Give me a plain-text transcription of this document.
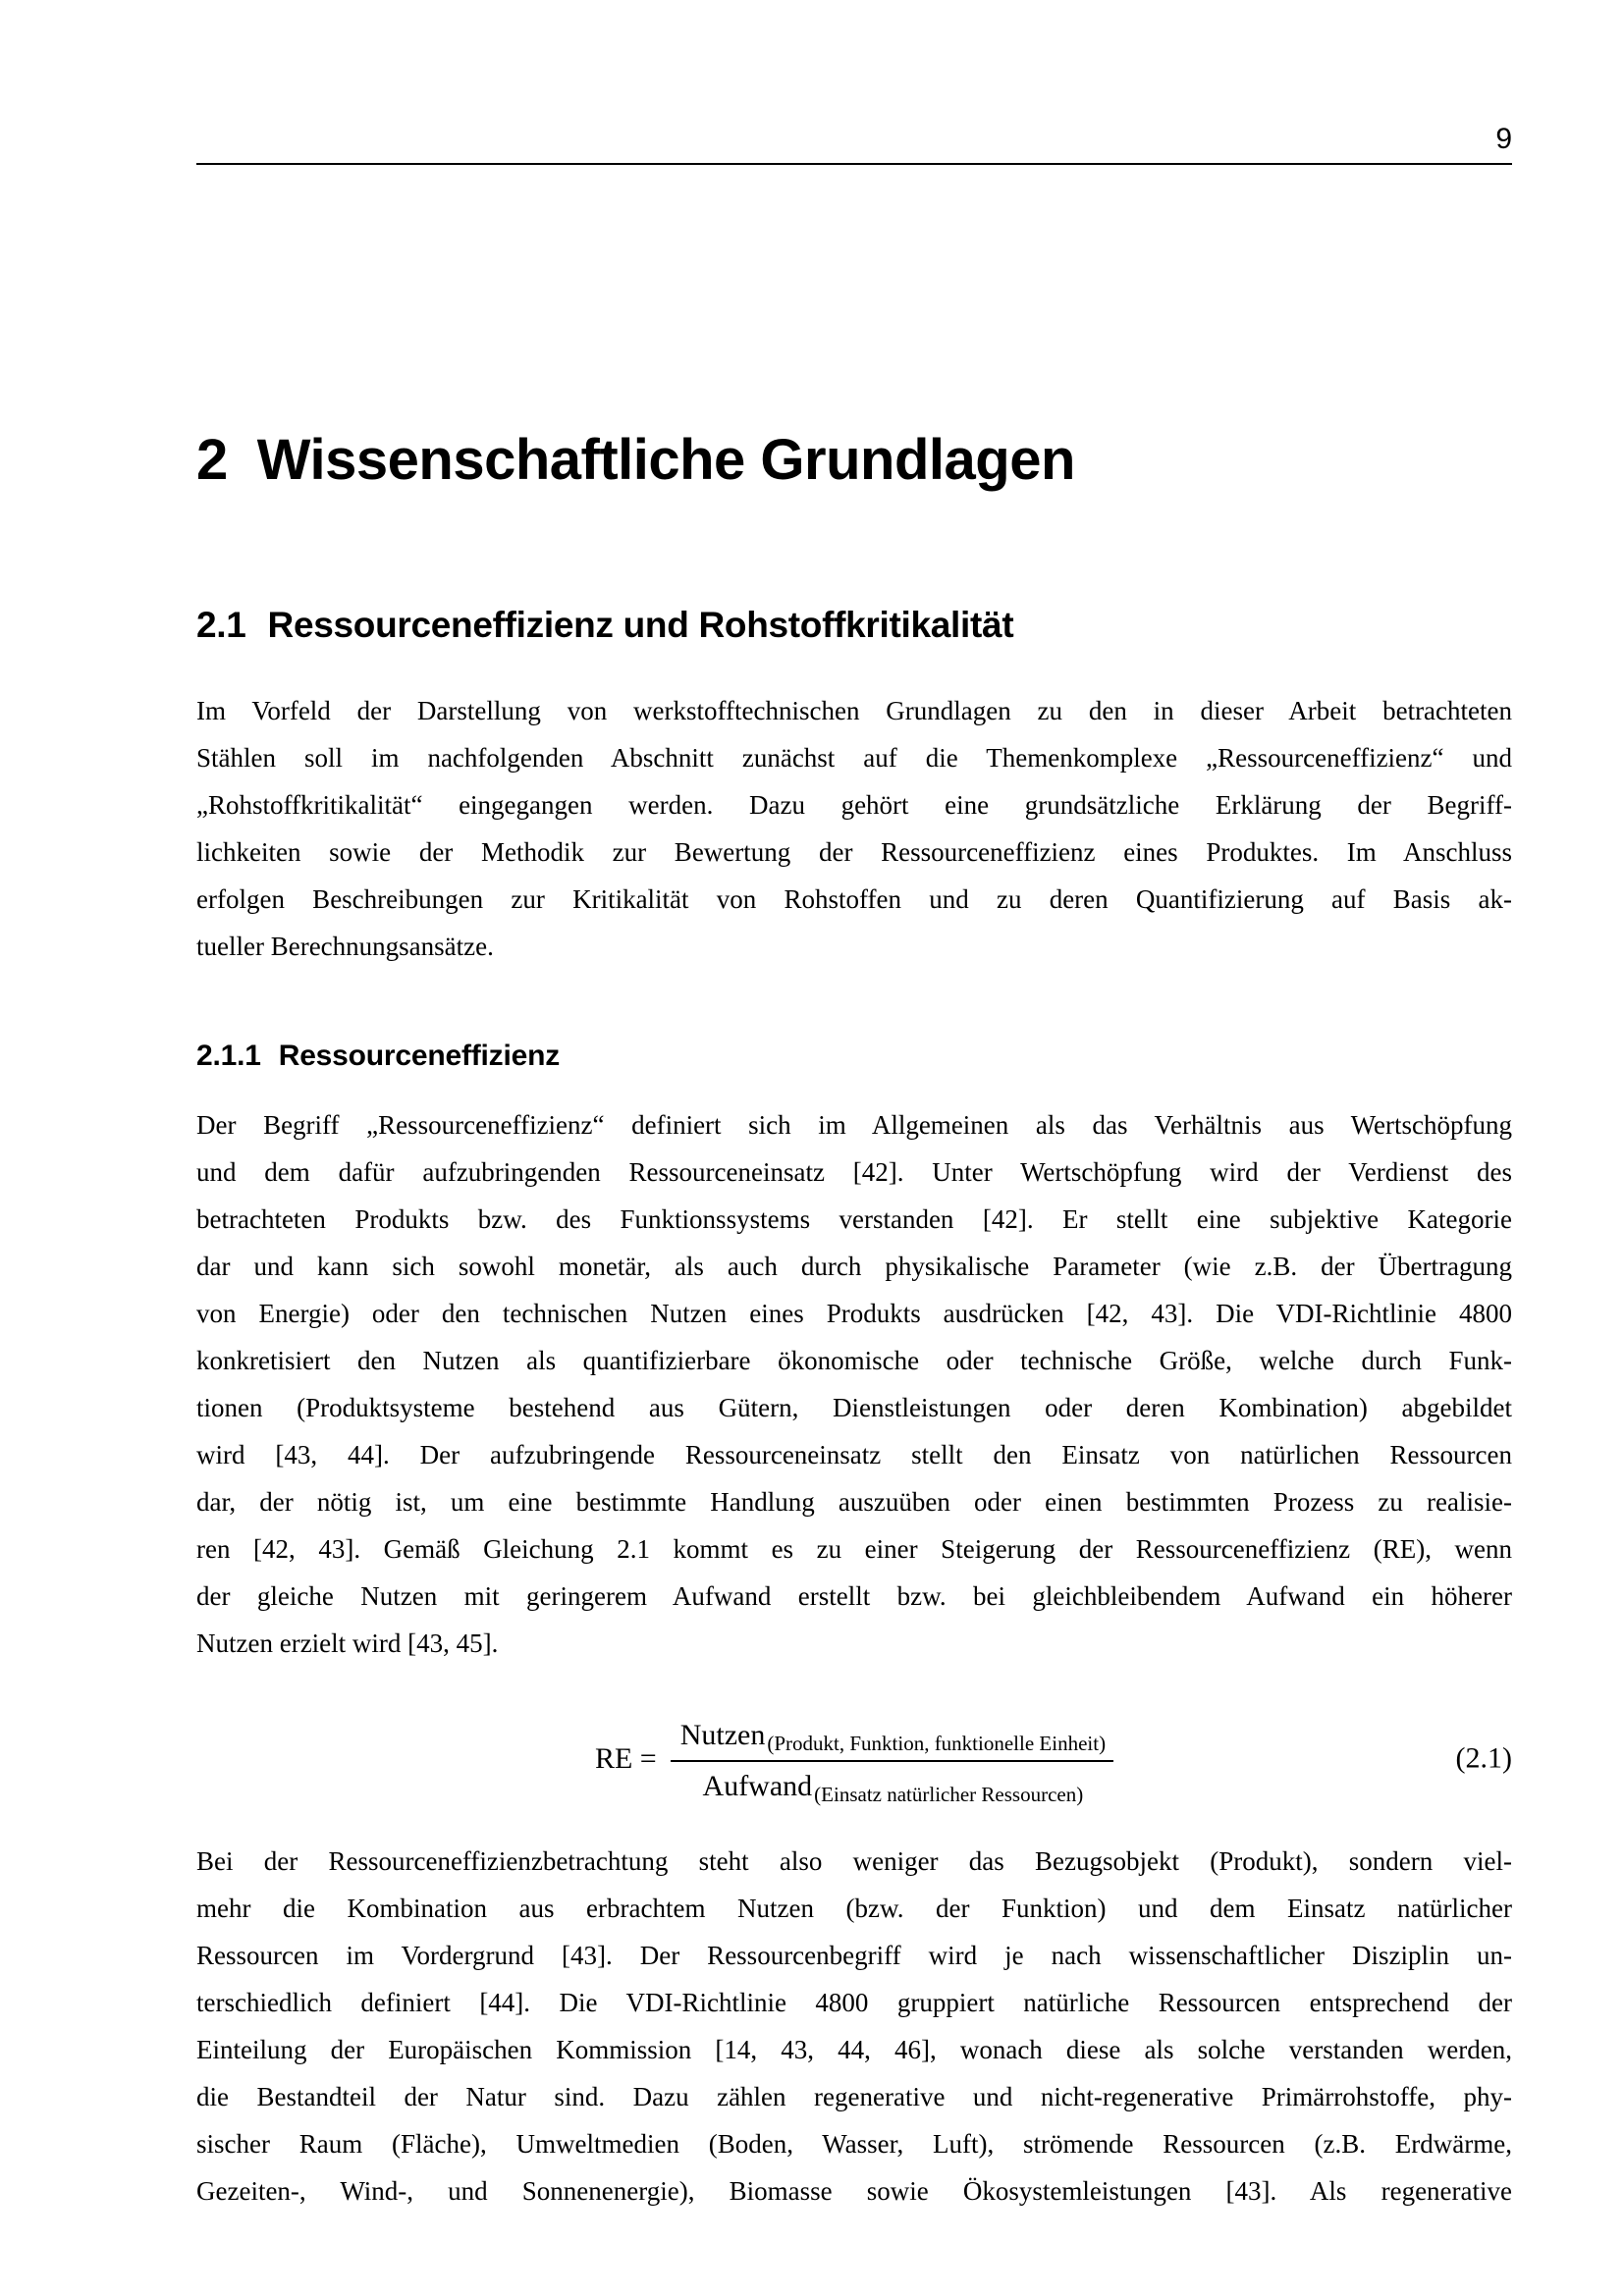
9
2 Wissenschaftliche Grundlagen
2.1 Ressourceneffizienz und Rohstoffkritikalität
Im Vorfeld der Darstellung von werkstofftechnischen Grundlagen zu den in dieser Arbeit betrachteten
Stählen soll im nachfolgenden Abschnitt zunächst auf die Themenkomplexe „Ressourceneffizienz“ und
„Rohstoffkritikalität“ eingegangen werden. Dazu gehört eine grundsätzliche Erklärung der Begriff-
lichkeiten sowie der Methodik zur Bewertung der Ressourceneffizienz eines Produktes. Im Anschluss
erfolgen Beschreibungen zur Kritikalität von Rohstoffen und zu deren Quantifizierung auf Basis ak-
tueller Berechnungsansätze.
2.1.1 Ressourceneffizienz
Der Begriff „Ressourceneffizienz“ definiert sich im Allgemeinen als das Verhältnis aus Wertschöpfung
und dem dafür aufzubringenden Ressourceneinsatz [42]. Unter Wertschöpfung wird der Verdienst des
betrachteten Produkts bzw. des Funktionssystems verstanden [42]. Er stellt eine subjektive Kategorie
dar und kann sich sowohl monetär, als auch durch physikalische Parameter (wie z.B. der Übertragung
von Energie) oder den technischen Nutzen eines Produkts ausdrücken [42, 43]. Die VDI-Richtlinie 4800
konkretisiert den Nutzen als quantifizierbare ökonomische oder technische Größe, welche durch Funk-
tionen (Produktsysteme bestehend aus Gütern, Dienstleistungen oder deren Kombination) abgebildet
wird [43, 44]. Der aufzubringende Ressourceneinsatz stellt den Einsatz von natürlichen Ressourcen
dar, der nötig ist, um eine bestimmte Handlung auszuüben oder einen bestimmten Prozess zu realisie-
ren [42, 43]. Gemäß Gleichung 2.1 kommt es zu einer Steigerung der Ressourceneffizienz (RE), wenn
der gleiche Nutzen mit geringerem Aufwand erstellt bzw. bei gleichbleibendem Aufwand ein höherer
Nutzen erzielt wird [43, 45].
RE = $\frac{Nutzen_{(Produkt, Funktion, funktionelle Einheit)}}{Aufwand_{(Einsatz natürlicher Ressourcen)}}$	(2.1)
Bei der Ressourceneffizienzbetrachtung steht also weniger das Bezugsobjekt (Produkt), sondern viel-
mehr die Kombination aus erbrachtem Nutzen (bzw. der Funktion) und dem Einsatz natürlicher
Ressourcen im Vordergrund [43]. Der Ressourcenbegriff wird je nach wissenschaftlicher Disziplin un-
terschiedlich definiert [44]. Die VDI-Richtlinie 4800 gruppiert natürliche Ressourcen entsprechend der
Einteilung der Europäischen Kommission [14, 43, 44, 46], wonach diese als solche verstanden werden,
die Bestandteil der Natur sind. Dazu zählen regenerative und nicht-regenerative Primärrohstoffe, phy-
sischer Raum (Fläche), Umweltmedien (Boden, Wasser, Luft), strömende Ressourcen (z.B. Erdwärme,
Gezeiten-, Wind-, und Sonnenenergie), Biomasse sowie Ökosystemleistungen [43]. Als regenerative
